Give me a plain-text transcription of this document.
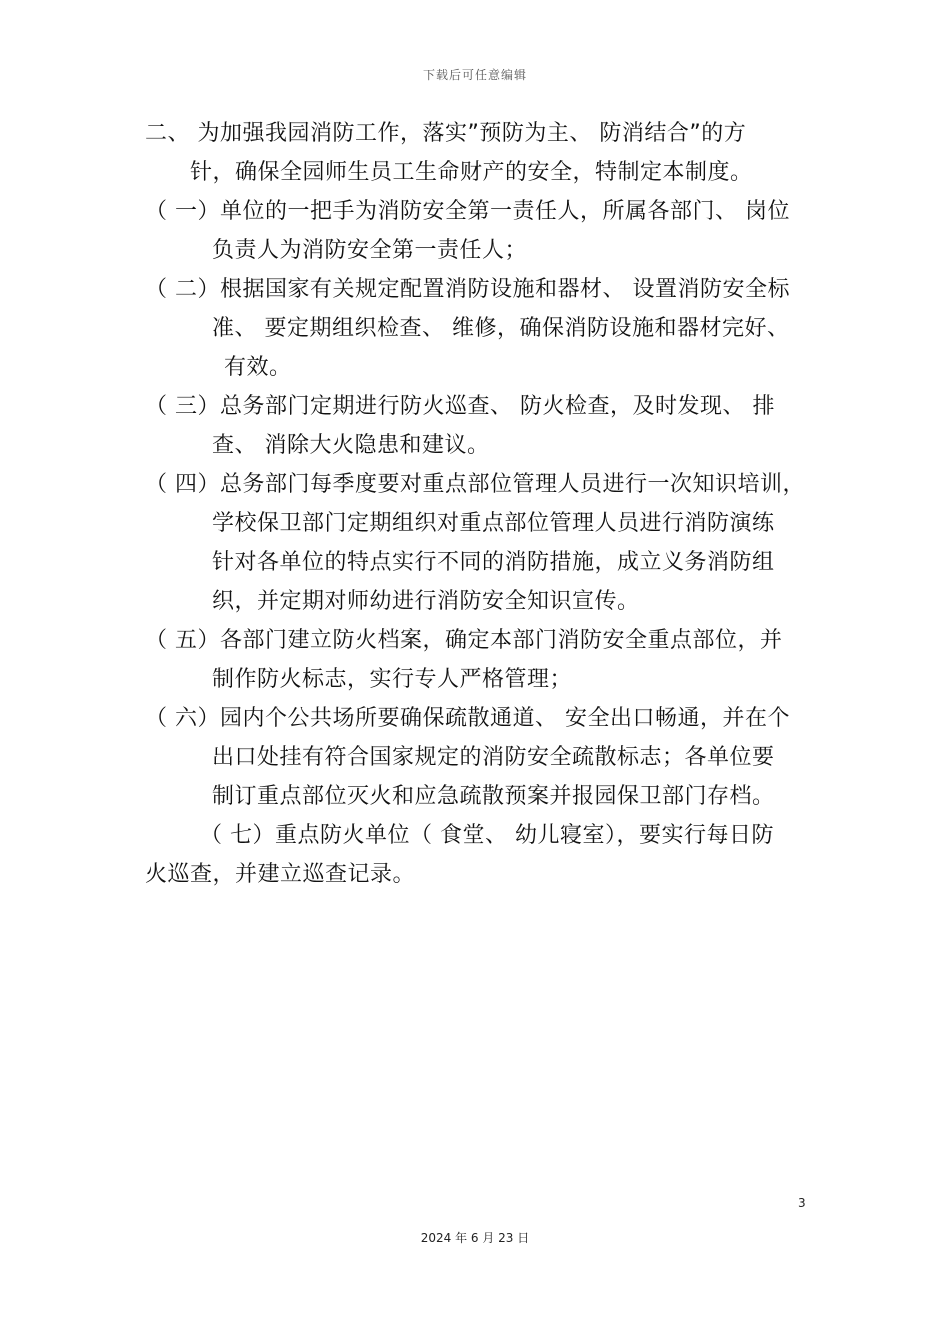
下载后可任意编辑
二、 为加强我园消防工作，落实”预防为主、 防消结合”的方
针，确保全园师生员工生命财产的安全，特制定本制度。
（ 一）单位的一把手为消防安全第一责任人，所属各部门、 岗位
负责人为消防安全第一责任人；
（ 二）根据国家有关规定配置消防设施和器材、 设置消防安全标
准、 要定期组织检查、 维修，确保消防设施和器材完好、
有效。
（ 三）总务部门定期进行防火巡查、 防火检查，及时发现、 排
查、 消除大火隐患和建议。
（ 四）总务部门每季度要对重点部位管理人员进行一次知识培训，
学校保卫部门定期组织对重点部位管理人员进行消防演练
针对各单位的特点实行不同的消防措施，成立义务消防组
织，并定期对师幼进行消防安全知识宣传。
（ 五）各部门建立防火档案，确定本部门消防安全重点部位，并
制作防火标志，实行专人严格管理；
（ 六）园内个公共场所要确保疏散通道、 安全出口畅通，并在个
出口处挂有符合国家规定的消防安全疏散标志；各单位要
制订重点部位灭火和应急疏散预案并报园保卫部门存档。
（ 七）重点防火单位（ 食堂、 幼儿寝室），要实行每日防
火巡查，并建立巡查记录。
3
2024 年 6 月 23 日
